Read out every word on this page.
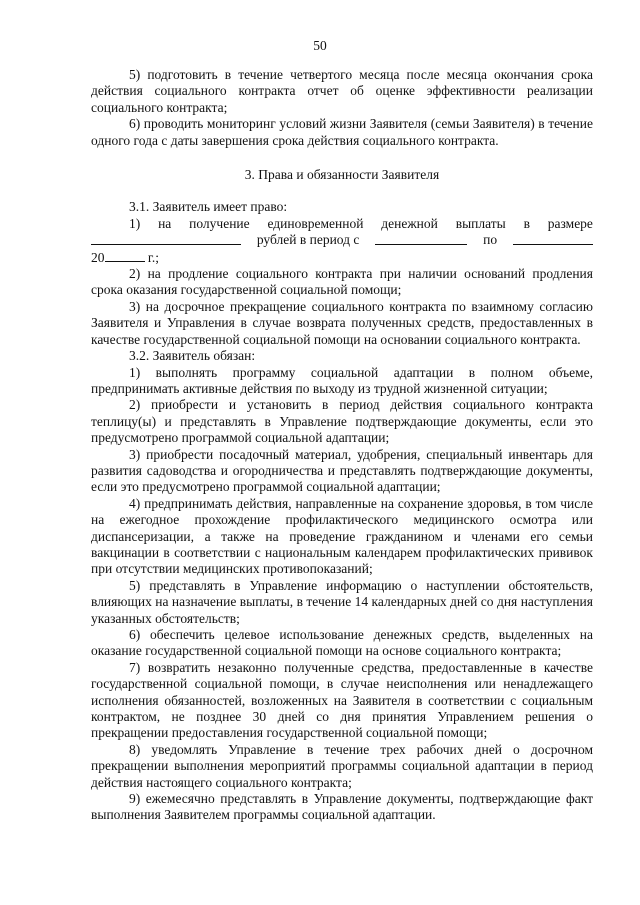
50

5) подготовить в течение четвертого месяца после месяца окончания срока действия социального контракта отчет об оценке эффективности реализации социального контракта;

6) проводить мониторинг условий жизни Заявителя (семьи Заявителя) в течение одного года с даты завершения срока действия социального контракта.

3. Права и обязанности Заявителя

3.1. Заявитель имеет право:

1) на получение единовременной денежной выплаты в размере
рублей в период с	по
20	г.;

2) на продление социального контракта при наличии оснований продления срока оказания государственной социальной помощи;

3) на досрочное прекращение социального контракта по взаимному согласию Заявителя и Управления в случае возврата полученных средств, предоставленных в качестве государственной социальной помощи на основании социального контракта.

3.2. Заявитель обязан:

1) выполнять программу социальной адаптации в полном объеме, предпринимать активные действия по выходу из трудной жизненной ситуации;

2) приобрести и установить в период действия социального контракта теплицу(ы) и представлять в Управление подтверждающие документы, если это предусмотрено программой социальной адаптации;

3) приобрести посадочный материал, удобрения, специальный инвентарь для развития садоводства и огородничества и представлять подтверждающие документы, если это предусмотрено программой социальной адаптации;

4) предпринимать действия, направленные на сохранение здоровья, в том числе на ежегодное прохождение профилактического медицинского осмотра или диспансеризации, а также на проведение гражданином и членами его семьи вакцинации в соответствии с национальным календарем профилактических прививок при отсутствии медицинских противопоказаний;

5) представлять в Управление информацию о наступлении обстоятельств, влияющих на назначение выплаты, в течение 14 календарных дней со дня наступления указанных обстоятельств;

6) обеспечить целевое использование денежных средств, выделенных на оказание государственной социальной помощи на основе социального контракта;

7) возвратить незаконно полученные средства, предоставленные в качестве государственной социальной помощи, в случае неисполнения или ненадлежащего исполнения обязанностей, возложенных на Заявителя в соответствии с социальным контрактом, не позднее 30 дней со дня принятия Управлением решения о прекращении предоставления государственной социальной помощи;

8) уведомлять Управление в течение трех рабочих дней о досрочном прекращении выполнения мероприятий программы социальной адаптации в период действия настоящего социального контракта;

9) ежемесячно представлять в Управление документы, подтверждающие факт выполнения Заявителем программы социальной адаптации.
